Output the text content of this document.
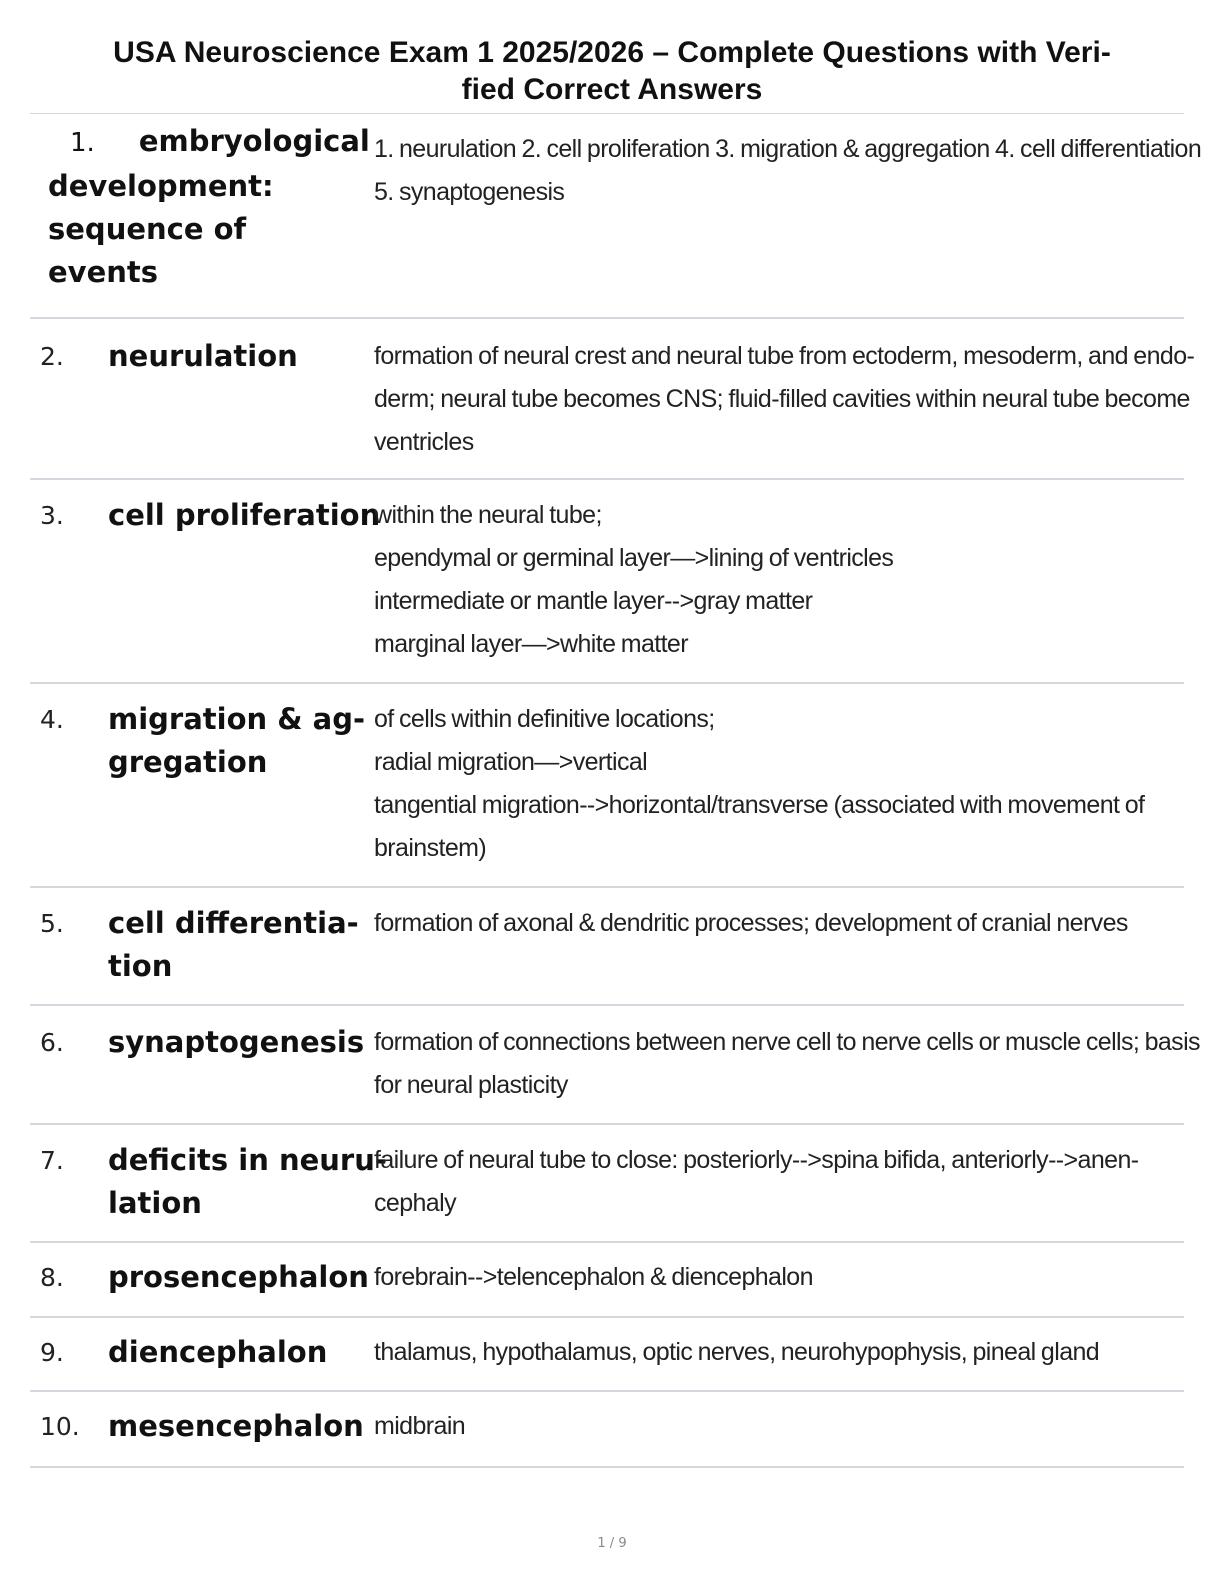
USA Neuroscience Exam 1 2025/2026 – Complete Questions with Veri-
fied Correct Answers
1. embryological
development:
sequence of
events
1. neurulation 2. cell proliferation 3. migration & aggregation 4. cell differentiation
5. synaptogenesis
2. neurulation	formation of neural crest and neural tube from ectoderm, mesoderm, and endo-
derm; neural tube becomes CNS; fluid-filled cavities within neural tube become
ventricles
3. cell proliferation
within the neural tube;
ependymal or germinal layer—>lining of ventricles
intermediate or mantle layer-->gray matter
marginal layer—>white matter
4. migration & ag-
gregation
of cells within definitive locations;
radial migration—>vertical
tangential migration-->horizontal/transverse (associated with movement of
brainstem)
5. cell differentia-
tion
formation of axonal & dendritic processes; development of cranial nerves
6. synaptogenesis formation of connections between nerve cell to nerve cells or muscle cells; basis
for neural plasticity
7. deficits in neuru-
lation
failure of neural tube to close: posteriorly-->spina bifida, anteriorly-->anen-
cephaly
8. prosencephalon forebrain-->telencephalon & diencephalon
9. diencephalon	thalamus, hypothalamus, optic nerves, neurohypophysis, pineal gland
10. mesencephalon midbrain
1 / 9
